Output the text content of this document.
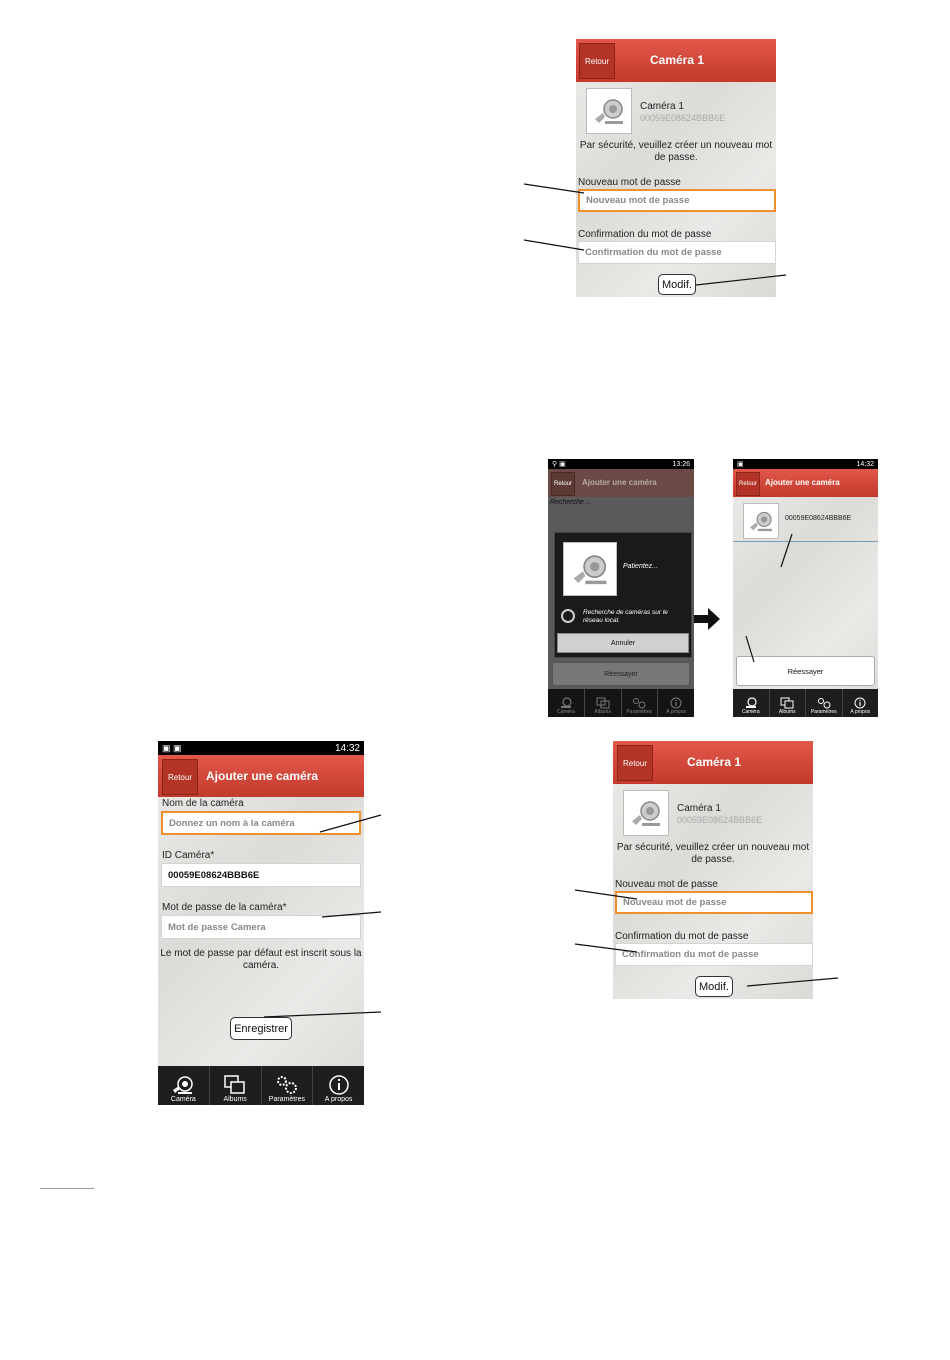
Retour	Caméra 1
Caméra 1
00059E08624BBB6E
Par sécurité, veuillez créer un nouveau mot de passe.
Nouveau mot de passe
Nouveau mot de passe
Confirmation du mot de passe
Confirmation du mot de passe
Modif.
⚲ ▣	13:26
Retour	Ajouter une caméra
Recherche ...
Patientez...
Recherche de caméras sur le réseau local.
Annuler
Réessayer
Caméra	Albums	Paramètres	A propos
▣	14:32
Retour	Ajouter une caméra
00059E08624BBB6E
Réessayer
Caméra	Albums	Paramètres	A propos
▣ ▣	14:32
Retour	Ajouter une caméra
Nom de la caméra
Donnez un nom à la caméra
ID Caméra*
00059E08624BBB6E
Mot de passe de la caméra*
Mot de passe Camera
Le mot de passe par défaut est inscrit sous la caméra.
Enregistrer
Caméra	Albums	Paramètres	A propos
Retour	Caméra 1
Caméra 1
00059E08624BBB6E
Par sécurité, veuillez créer un nouveau mot de passe.
Nouveau mot de passe
Nouveau mot de passe
Confirmation du mot de passe
Confirmation du mot de passe
Modif.
